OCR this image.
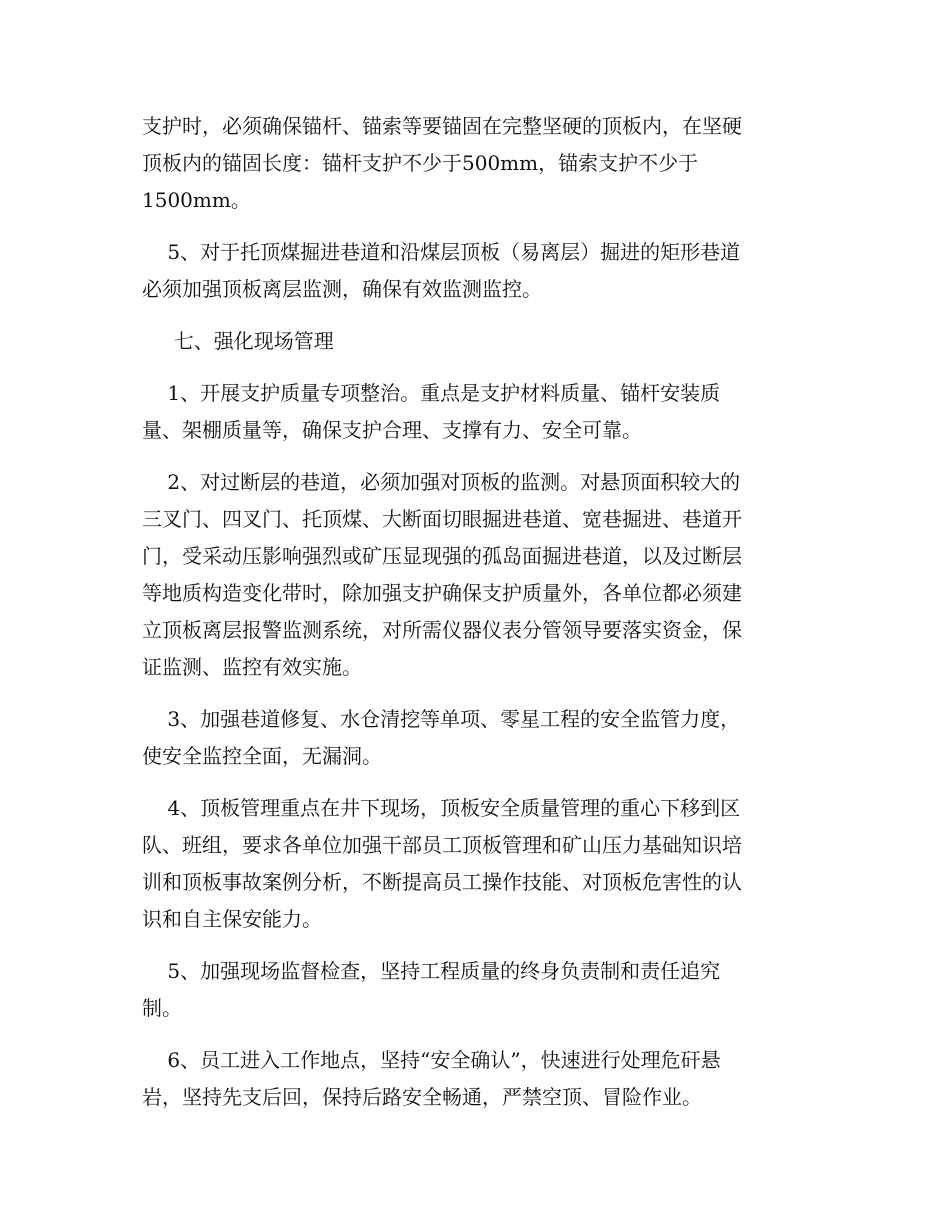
支护时，必须确保锚杆、锚索等要锚固在完整坚硬的顶板内，在坚硬
顶板内的锚固长度：锚杆支护不少于500mm，锚索支护不少于
1500mm。
5、对于托顶煤掘进巷道和沿煤层顶板（易离层）掘进的矩形巷道
必须加强顶板离层监测，确保有效监测监控。
七、强化现场管理
1、开展支护质量专项整治。重点是支护材料质量、锚杆安装质
量、架棚质量等，确保支护合理、支撑有力、安全可靠。
2、对过断层的巷道，必须加强对顶板的监测。对悬顶面积较大的
三叉门、四叉门、托顶煤、大断面切眼掘进巷道、宽巷掘进、巷道开
门，受采动压影响强烈或矿压显现强的孤岛面掘进巷道，以及过断层
等地质构造变化带时，除加强支护确保支护质量外，各单位都必须建
立顶板离层报警监测系统，对所需仪器仪表分管领导要落实资金，保
证监测、监控有效实施。
3、加强巷道修复、水仓清挖等单项、零星工程的安全监管力度，
使安全监控全面，无漏洞。
4、顶板管理重点在井下现场，顶板安全质量管理的重心下移到区
队、班组，要求各单位加强干部员工顶板管理和矿山压力基础知识培
训和顶板事故案例分析，不断提高员工操作技能、对顶板危害性的认
识和自主保安能力。
5、加强现场监督检查，坚持工程质量的终身负责制和责任追究
制。
6、员工进入工作地点，坚持“安全确认”，快速进行处理危矸悬
岩，坚持先支后回，保持后路安全畅通，严禁空顶、冒险作业。
